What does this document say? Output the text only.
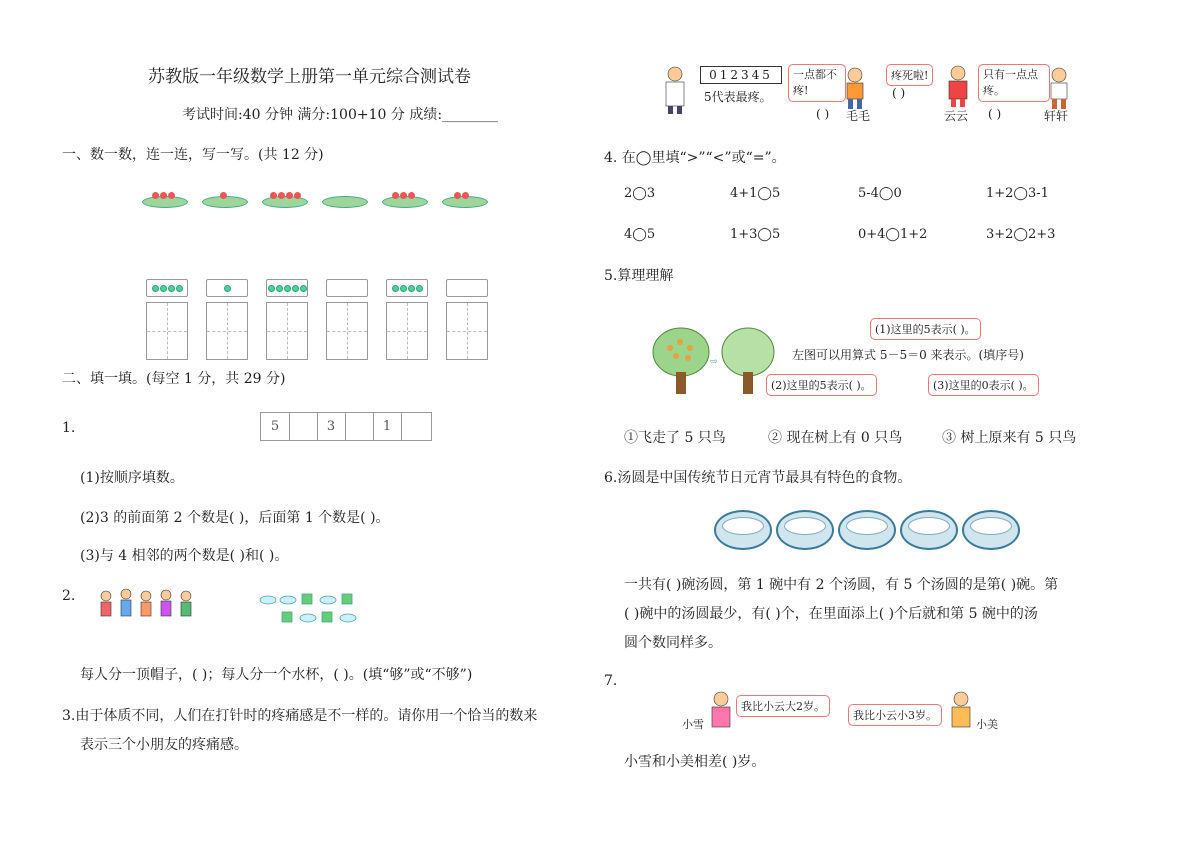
苏教版一年级数学上册第一单元综合测试卷
考试时间:40 分钟 满分:100+10 分 成绩:________
一、数一数，连一连，写一写。(共 12 分)
二、填一填。(每空 1 分，共 29 分)
1.	5	3	1
(1)按顺序填数。
(2)3 的前面第 2 个数是( )，后面第 1 个数是( )。
(3)与 4 相邻的两个数是( )和( )。
2.
每人分一顶帽子，( )；每人分一个水杯，( )。(填“够”或“不够”)
3.由于体质不同，人们在打针时的疼痛感是不一样的。请你用一个恰当的数来
表示三个小朋友的疼痛感。
012345
5代表最疼。
一点都不疼!
( ) 毛毛
疼死啦!
( )
云云
只有一点点疼。
( )	轩轩
4. 在◯里填“>”“<”或“=”。
2◯3	4+1◯5	5-4◯0	1+2◯3-1
4◯5	1+3◯5	0+4◯1+2	3+2◯2+3
5.算理理解
⇨
(1)这里的5表示( )。
左图可以用算式 5－5＝0 来表示。(填序号)
(2)这里的5表示( )。	(3)这里的0表示( )。
①飞走了 5 只鸟	② 现在树上有 0 只鸟	③ 树上原来有 5 只鸟
6.汤圆是中国传统节日元宵节最具有特色的食物。
一共有( )碗汤圆，第 1 碗中有 2 个汤圆，有 5 个汤圆的是第( )碗。第
( )碗中的汤圆最少，有( )个，在里面添上( )个后就和第 5 碗中的汤
圆个数同样多。
7.
小雪
我比小云大2岁。
我比小云小3岁。
小美
小雪和小美相差( )岁。
